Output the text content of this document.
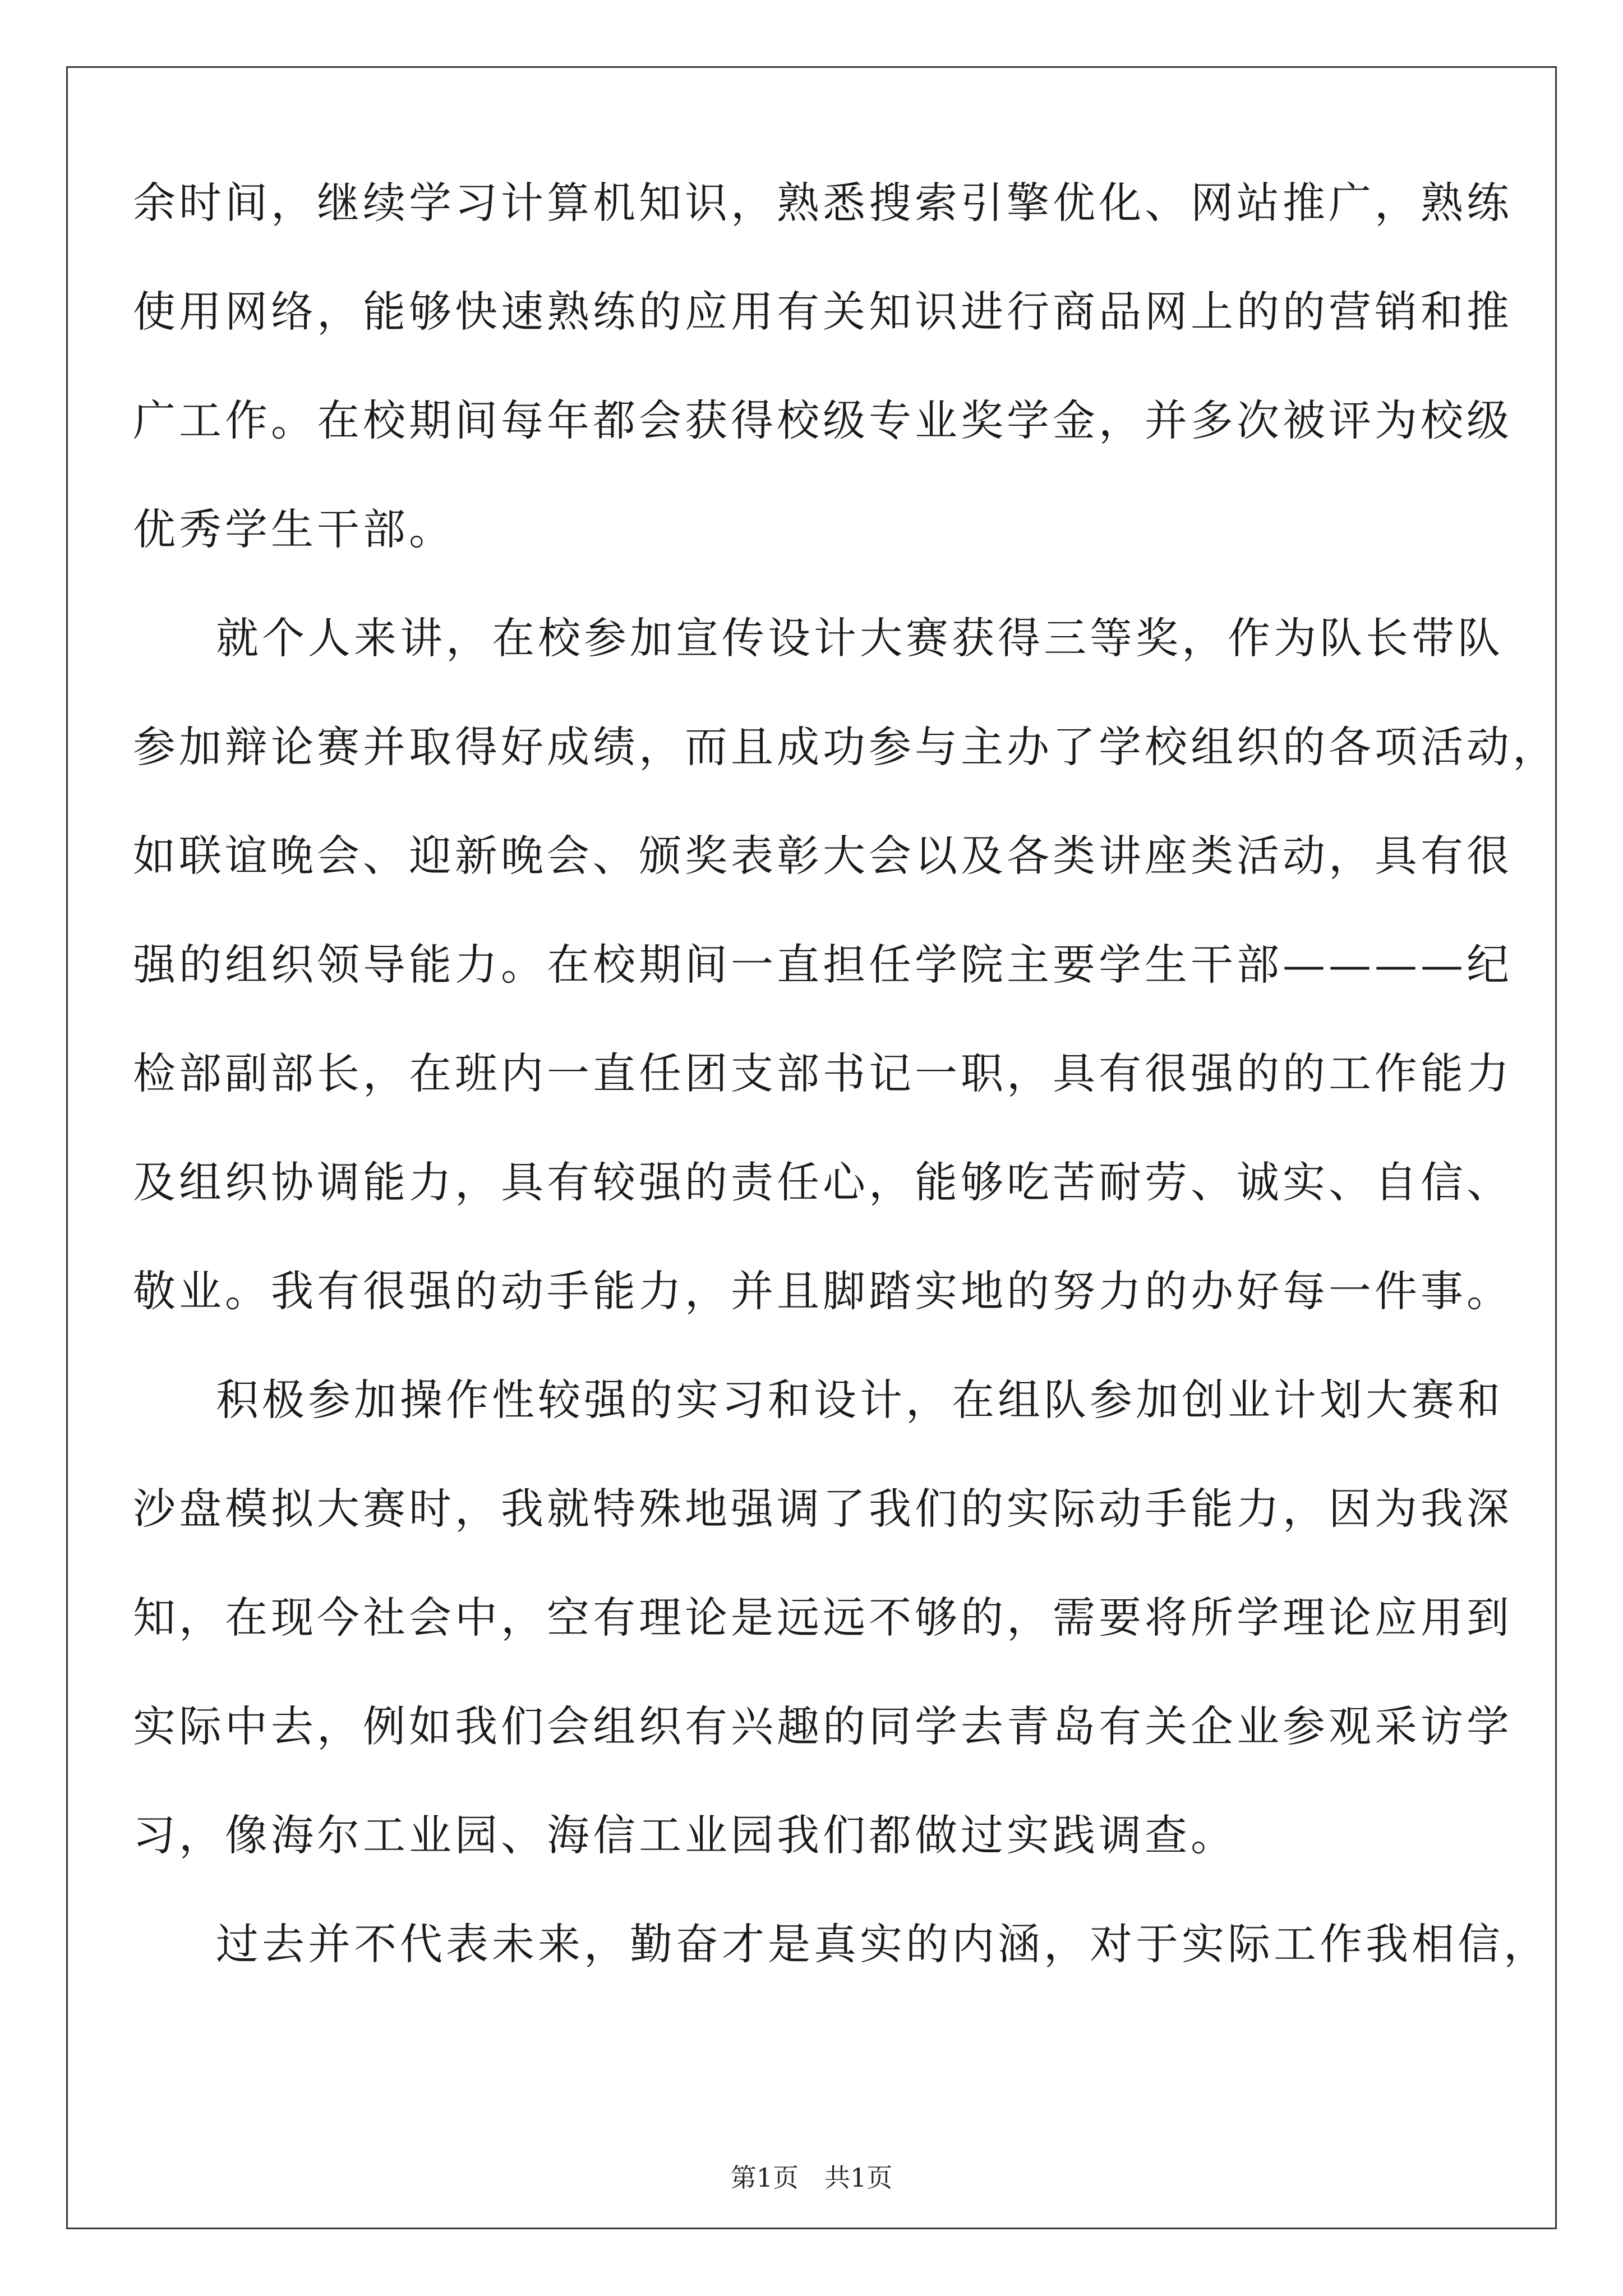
余时间，继续学习计算机知识，熟悉搜索引擎优化、网站推广，熟练
使用网络，能够快速熟练的应用有关知识进行商品网上的的营销和推
广工作。在校期间每年都会获得校级专业奖学金，并多次被评为校级
优秀学生干部。
就个人来讲，在校参加宣传设计大赛获得三等奖，作为队长带队
参加辩论赛并取得好成绩，而且成功参与主办了学校组织的各项活动，
如联谊晚会、迎新晚会、颁奖表彰大会以及各类讲座类活动，具有很
强的组织领导能力。在校期间一直担任学院主要学生干部————纪
检部副部长，在班内一直任团支部书记一职，具有很强的的工作能力
及组织协调能力，具有较强的责任心，能够吃苦耐劳、诚实、自信、
敬业。我有很强的动手能力，并且脚踏实地的努力的办好每一件事。
积极参加操作性较强的实习和设计，在组队参加创业计划大赛和
沙盘模拟大赛时，我就特殊地强调了我们的实际动手能力，因为我深
知，在现今社会中，空有理论是远远不够的，需要将所学理论应用到
实际中去，例如我们会组织有兴趣的同学去青岛有关企业参观采访学
习，像海尔工业园、海信工业园我们都做过实践调查。
过去并不代表未来，勤奋才是真实的内涵，对于实际工作我相信，
第1页　共1页
